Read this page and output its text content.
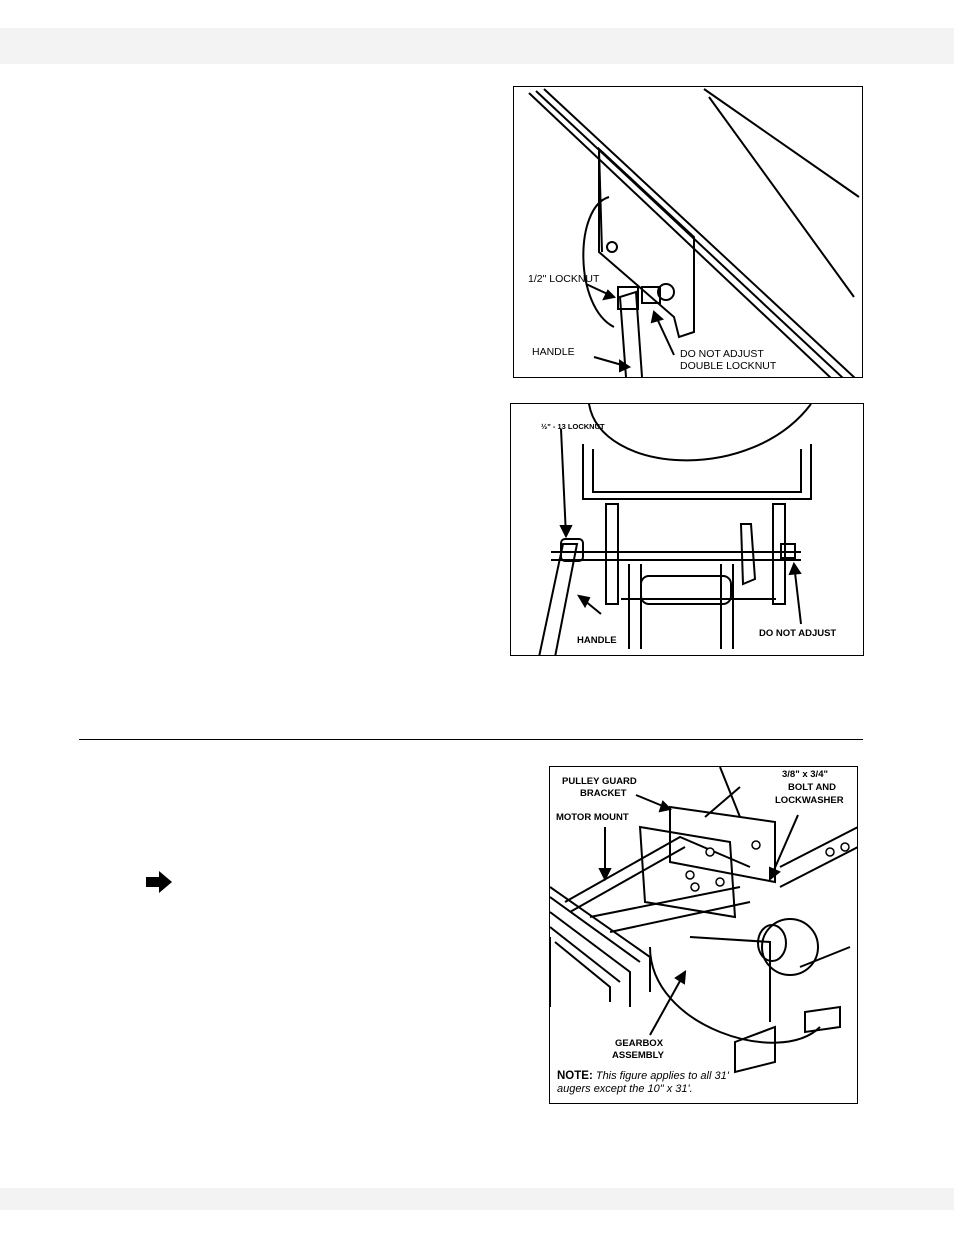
1/2" LOCKNUT
HANDLE	DO NOT ADJUST
DOUBLE LOCKNUT
½" - 13 LOCKNUT
HANDLE
DO NOT ADJUST
PULLEY GUARD
BRACKET
3/8" x 3/4"
BOLT AND
LOCKWASHER
MOTOR MOUNT
GEARBOX
ASSEMBLY
NOTE: This figure applies to all 31'
augers except the 10" x 31'.
